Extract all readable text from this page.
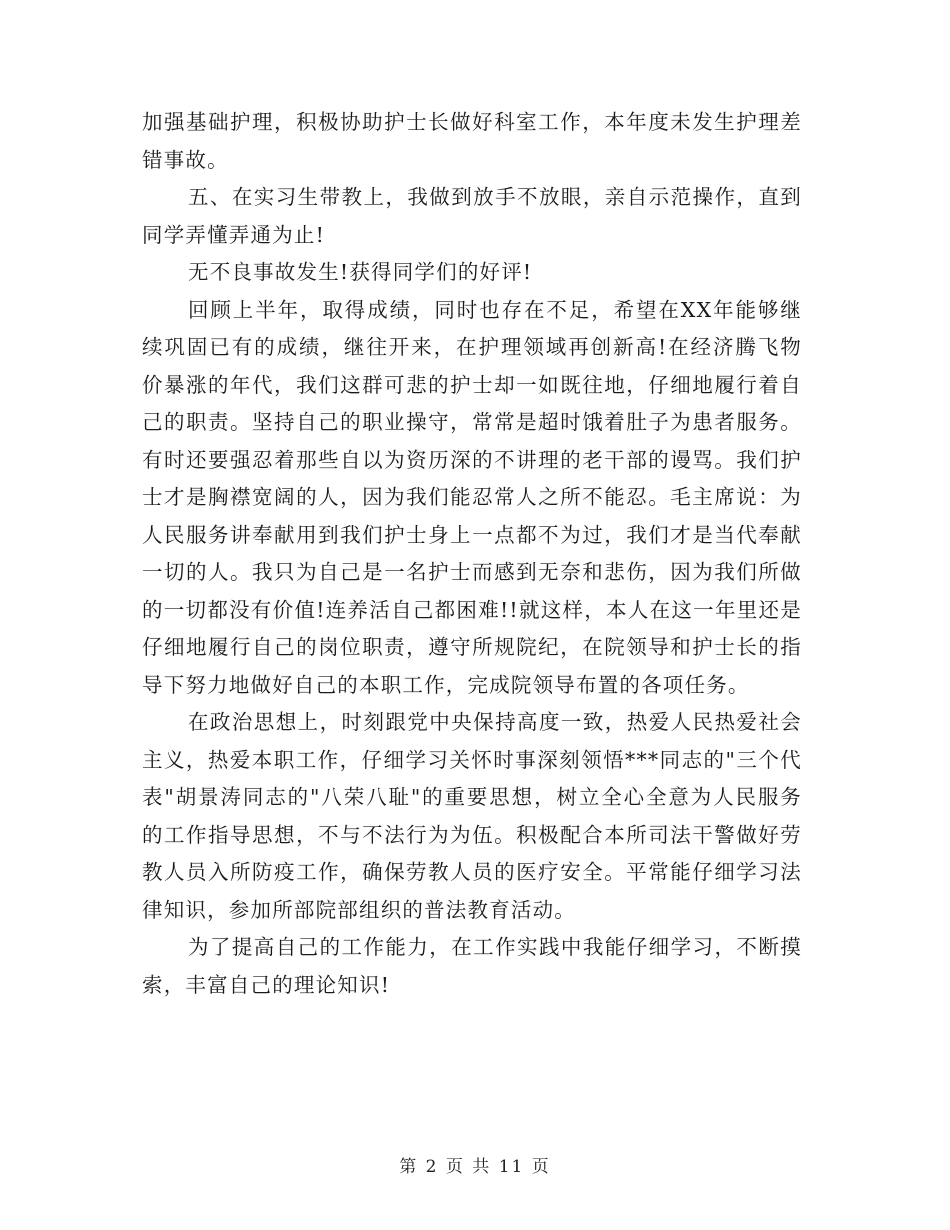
加强基础护理，积极协助护士长做好科室工作，本年度未发生护理差错事故。

五、在实习生带教上，我做到放手不放眼，亲自示范操作，直到同学弄懂弄通为止!

无不良事故发生!获得同学们的好评!

回顾上半年，取得成绩，同时也存在不足，希望在XX年能够继续巩固已有的成绩，继往开来，在护理领域再创新高!在经济腾飞物价暴涨的年代，我们这群可悲的护士却一如既往地，仔细地履行着自己的职责。坚持自己的职业操守，常常是超时饿着肚子为患者服务。有时还要强忍着那些自以为资历深的不讲理的老干部的谩骂。我们护士才是胸襟宽阔的人，因为我们能忍常人之所不能忍。毛主席说：为人民服务讲奉献用到我们护士身上一点都不为过，我们才是当代奉献一切的人。我只为自己是一名护士而感到无奈和悲伤，因为我们所做的一切都没有价值!连养活自己都困难!!就这样，本人在这一年里还是仔细地履行自己的岗位职责，遵守所规院纪，在院领导和护士长的指导下努力地做好自己的本职工作，完成院领导布置的各项任务。

在政治思想上，时刻跟党中央保持高度一致，热爱人民热爱社会主义，热爱本职工作，仔细学习关怀时事深刻领悟***同志的"三个代表"胡景涛同志的"八荣八耻"的重要思想，树立全心全意为人民服务的工作指导思想，不与不法行为为伍。积极配合本所司法干警做好劳教人员入所防疫工作，确保劳教人员的医疗安全。平常能仔细学习法律知识，参加所部院部组织的普法教育活动。

为了提高自己的工作能力，在工作实践中我能仔细学习，不断摸索，丰富自己的理论知识!

第 2 页 共 11 页
